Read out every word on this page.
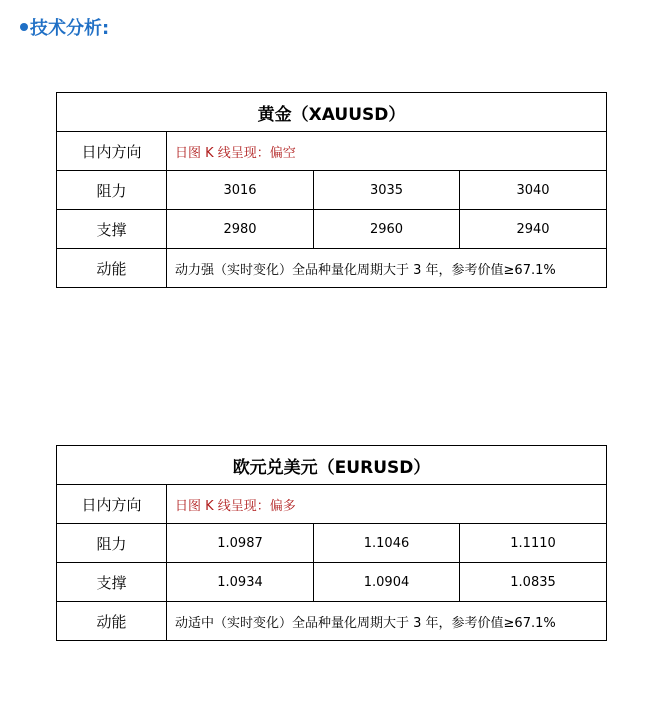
技术分析:
黄金（XAUUSD）			
日内方向	日图 K 线呈现：偏空		
阻力	3016	3035	3040
支撑	2980	2960	2940
动能	动力强（实时变化）全品种量化周期大于 3 年，参考价值≥67.1%		
欧元兑美元（EURUSD）			
日内方向	日图 K 线呈现：偏多		
阻力	1.0987	1.1046	1.1110
支撑	1.0934	1.0904	1.0835
动能	动适中（实时变化）全品种量化周期大于 3 年，参考价值≥67.1%		
